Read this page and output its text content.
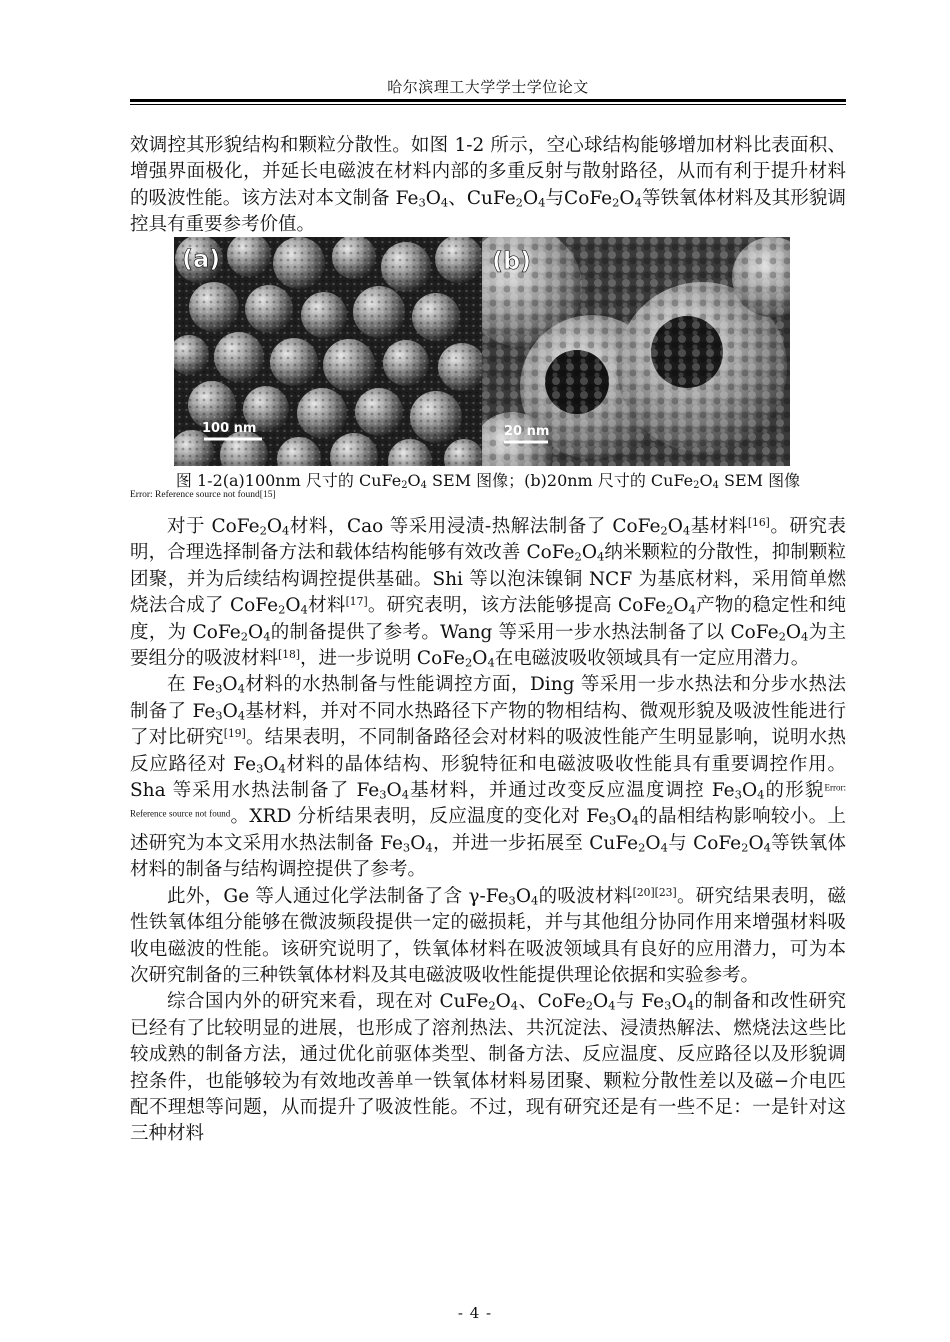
哈尔滨理工大学学士学位论文

效调控其形貌结构和颗粒分散性。如图 1-2 所示，空心球结构能够增加材料比表面积、增强界面极化，并延长电磁波在材料内部的多重反射与散射路径，从而有利于提升材料的吸波性能。该方法对本文制备 $Fe_3O_4$、$CuFe_2O_4$与$CoFe_2O_4$等铁氧体材料及其形貌调控具有重要参考价值。

(a)
100 nm
(b)
20 nm
图 1-2(a)100nm 尺寸的 $CuFe_2O_4$ SEM 图像；(b)20nm 尺寸的 $CuFe_2O_4$ SEM 图像
Error: Reference source not found[15]

对于 $CoFe_2O_4$材料，Cao 等采用浸渍-热解法制备了 $CoFe_2O_4$基材料[16]。研究表明，合理选择制备方法和载体结构能够有效改善 $CoFe_2O_4$纳米颗粒的分散性，抑制颗粒团聚，并为后续结构调控提供基础。Shi 等以泡沫镍铜 NCF 为基底材料，采用简单燃烧法合成了 $CoFe_2O_4$材料[17]。研究表明，该方法能够提高 $CoFe_2O_4$产物的稳定性和纯度，为 $CoFe_2O_4$的制备提供了参考。Wang 等采用一步水热法制备了以 $CoFe_2O_4$为主要组分的吸波材料[18]，进一步说明 $CoFe_2O_4$在电磁波吸收领域具有一定应用潜力。

在 $Fe_3O_4$材料的水热制备与性能调控方面，Ding 等采用一步水热法和分步水热法制备了 $Fe_3O_4$基材料，并对不同水热路径下产物的物相结构、微观形貌及吸波性能进行了对比研究[19]。结果表明，不同制备路径会对材料的吸波性能产生明显影响，说明水热反应路径对 $Fe_3O_4$材料的晶体结构、形貌特征和电磁波吸收性能具有重要调控作用。Sha 等采用水热法制备了 $Fe_3O_4$基材料，并通过改变反应温度调控 $Fe_3O_4$的形貌$^{Error: Reference source not found}$。XRD 分析结果表明，反应温度的变化对 $Fe_3O_4$的晶相结构影响较小。上述研究为本文采用水热法制备 $Fe_3O_4$，并进一步拓展至 $CuFe_2O_4$与 $CoFe_2O_4$等铁氧体材料的制备与结构调控提供了参考。

此外，Ge 等人通过化学法制备了含 $\gamma-Fe_3O_4$的吸波材料[20][23]。研究结果表明，磁性铁氧体组分能够在微波频段提供一定的磁损耗，并与其他组分协同作用来增强材料吸收电磁波的性能。该研究说明了，铁氧体材料在吸波领域具有良好的应用潜力，可为本次研究制备的三种铁氧体材料及其电磁波吸收性能提供理论依据和实验参考。

综合国内外的研究来看，现在对 $CuFe_2O_4$、$CoFe_2O_4$与 $Fe_3O_4$的制备和改性研究已经有了比较明显的进展，也形成了溶剂热法、共沉淀法、浸渍热解法、燃烧法这些比较成熟的制备方法，通过优化前驱体类型、制备方法、反应温度、反应路径以及形貌调控条件，也能够较为有效地改善单一铁氧体材料易团聚、颗粒分散性差以及磁−介电匹配不理想等问题，从而提升了吸波性能。不过，现有研究还是有一些不足：一是针对这三种材料

- 4 -
